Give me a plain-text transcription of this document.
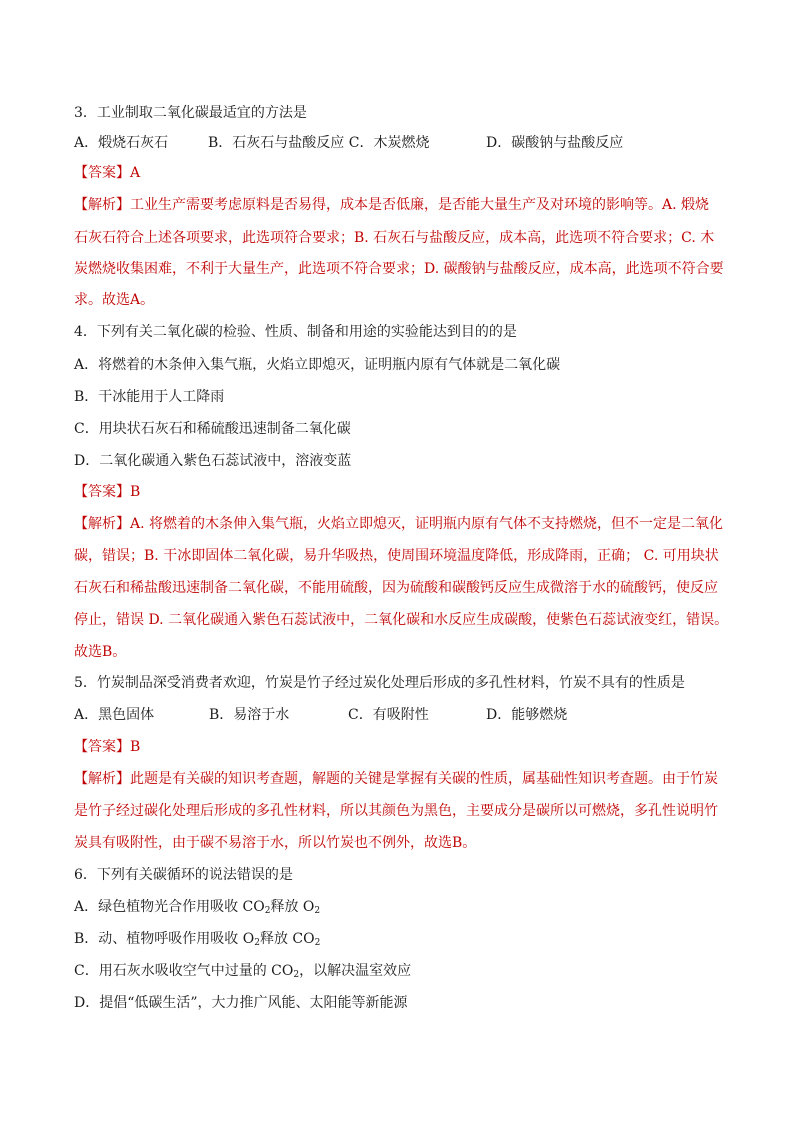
3．工业制取二氧化碳最适宜的方法是
A．煅烧石灰石	B．石灰石与盐酸反应 C．木炭燃烧	D．碳酸钠与盐酸反应
【答案】A
【解析】工业生产需要考虑原料是否易得，成本是否低廉，是否能大量生产及对环境的影响等。A. 煅烧
石灰石符合上述各项要求，此选项符合要求；B. 石灰石与盐酸反应，成本高，此选项不符合要求；C. 木
炭燃烧收集困难，不利于大量生产，此选项不符合要求；D. 碳酸钠与盐酸反应，成本高，此选项不符合要
求。故选A。
4．下列有关二氧化碳的检验、性质、制备和用途的实验能达到目的的是
A．将燃着的木条伸入集气瓶，火焰立即熄灭，证明瓶内原有气体就是二氧化碳
B．干冰能用于人工降雨
C．用块状石灰石和稀硫酸迅速制备二氧化碳
D．二氧化碳通入紫色石蕊试液中，溶液变蓝
【答案】B
【解析】A. 将燃着的木条伸入集气瓶，火焰立即熄灭，证明瓶内原有气体不支持燃烧，但不一定是二氧化
碳，错误；B. 干冰即固体二氧化碳，易升华吸热，使周围环境温度降低，形成降雨，正确； C. 可用块状
石灰石和稀盐酸迅速制备二氧化碳，不能用硫酸，因为硫酸和碳酸钙反应生成微溶于水的硫酸钙，使反应
停止，错误 D. 二氧化碳通入紫色石蕊试液中，二氧化碳和水反应生成碳酸，使紫色石蕊试液变红，错误。
故选B。
5．竹炭制品深受消费者欢迎，竹炭是竹子经过炭化处理后形成的多孔性材料，竹炭不具有的性质是
A．黑色固体	B．易溶于水	C．有吸附性	D．能够燃烧
【答案】B
【解析】此题是有关碳的知识考查题，解题的关键是掌握有关碳的性质，属基础性知识考查题。由于竹炭
是竹子经过碳化处理后形成的多孔性材料，所以其颜色为黑色，主要成分是碳所以可燃烧，多孔性说明竹
炭具有吸附性，由于碳不易溶于水，所以竹炭也不例外，故选B。
6．下列有关碳循环的说法错误的是
A．绿色植物光合作用吸收 $CO_2$释放 $O_2$
B．动、植物呼吸作用吸收 $O_2$释放 $CO_2$
C．用石灰水吸收空气中过量的 $CO_2$，以解决温室效应
D．提倡“低碳生活”，大力推广风能、太阳能等新能源
